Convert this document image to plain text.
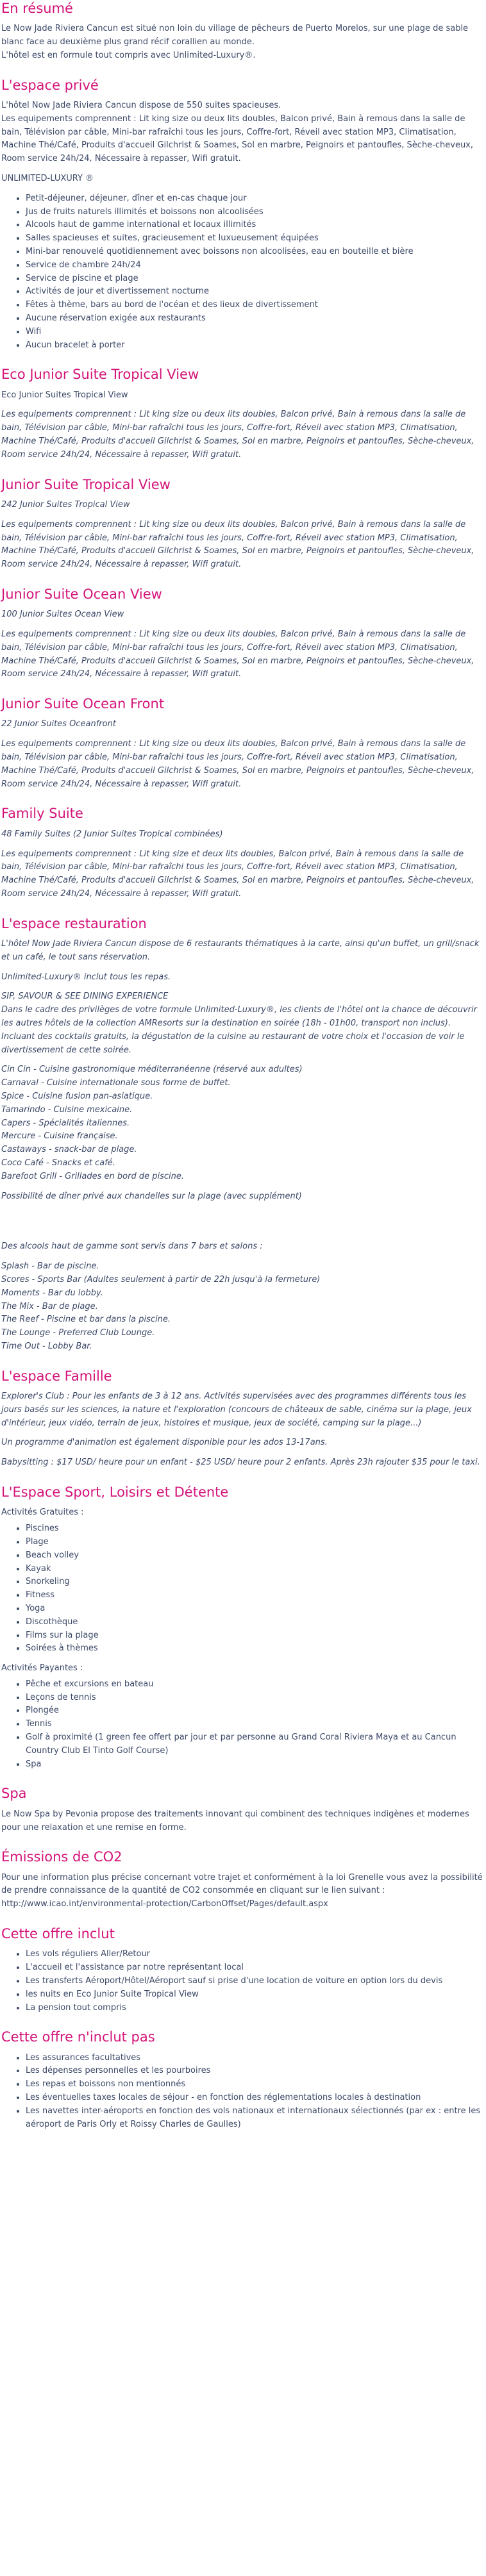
En résumé

Le Now Jade Riviera Cancun est situé non loin du village de pêcheurs de Puerto Morelos, sur une plage de sable blanc face au deuxième plus grand récif corallien au monde.

L'hôtel est en formule tout compris avec Unlimited-Luxury®.

L'espace privé

L'hôtel Now Jade Riviera Cancun dispose de 550 suites spacieuses.

Les equipements comprennent : Lit king size ou deux lits doubles, Balcon privé, Bain à remous dans la salle de bain, Télévision par câble, Mini-bar rafraîchi tous les jours, Coffre-fort, Réveil avec station MP3, Climatisation, Machine Thé/Café, Produits d'accueil Gilchrist & Soames, Sol en marbre, Peignoirs et pantoufles, Sèche-cheveux, Room service 24h/24, Nécessaire à repasser, Wifi gratuit.

UNLIMITED-LUXURY ®

• Petit-déjeuner, déjeuner, dîner et en-cas chaque jour
• Jus de fruits naturels illimités et boissons non alcoolisées
• Alcools haut de gamme international et locaux illimités
• Salles spacieuses et suites, gracieusement et luxueusement équipées
• Mini-bar renouvelé quotidiennement avec boissons non alcoolisées, eau en bouteille et bière
• Service de chambre 24h/24
• Service de piscine et plage
• Activités de jour et divertissement nocturne
• Fêtes à thème, bars au bord de l'océan et des lieux de divertissement
• Aucune réservation exigée aux restaurants
• Wifi
• Aucun bracelet à porter
Eco Junior Suite Tropical View

Eco Junior Suites Tropical View

Les equipements comprennent : Lit king size ou deux lits doubles, Balcon privé, Bain à remous dans la salle de bain, Télévision par câble, Mini-bar rafraîchi tous les jours, Coffre-fort, Réveil avec station MP3, Climatisation, Machine Thé/Café, Produits d'accueil Gilchrist & Soames, Sol en marbre, Peignoirs et pantoufles, Sèche-cheveux, Room service 24h/24, Nécessaire à repasser, Wifi gratuit.

Junior Suite Tropical View

242 Junior Suites Tropical View

Les equipements comprennent : Lit king size ou deux lits doubles, Balcon privé, Bain à remous dans la salle de bain, Télévision par câble, Mini-bar rafraîchi tous les jours, Coffre-fort, Réveil avec station MP3, Climatisation, Machine Thé/Café, Produits d'accueil Gilchrist & Soames, Sol en marbre, Peignoirs et pantoufles, Sèche-cheveux, Room service 24h/24, Nécessaire à repasser, Wifi gratuit.

Junior Suite Ocean View

100 Junior Suites Ocean View

Les equipements comprennent : Lit king size ou deux lits doubles, Balcon privé, Bain à remous dans la salle de bain, Télévision par câble, Mini-bar rafraîchi tous les jours, Coffre-fort, Réveil avec station MP3, Climatisation, Machine Thé/Café, Produits d'accueil Gilchrist & Soames, Sol en marbre, Peignoirs et pantoufles, Sèche-cheveux, Room service 24h/24, Nécessaire à repasser, Wifi gratuit.

Junior Suite Ocean Front

22 Junior Suites Oceanfront

Les equipements comprennent : Lit king size ou deux lits doubles, Balcon privé, Bain à remous dans la salle de bain, Télévision par câble, Mini-bar rafraîchi tous les jours, Coffre-fort, Réveil avec station MP3, Climatisation, Machine Thé/Café, Produits d'accueil Gilchrist & Soames, Sol en marbre, Peignoirs et pantoufles, Sèche-cheveux, Room service 24h/24, Nécessaire à repasser, Wifi gratuit.

Family Suite

48 Family Suites (2 Junior Suites Tropical combinées)

Les equipements comprennent : Lit king size et deux lits doubles, Balcon privé, Bain à remous dans la salle de bain, Télévision par câble, Mini-bar rafraîchi tous les jours, Coffre-fort, Réveil avec station MP3, Climatisation, Machine Thé/Café, Produits d'accueil Gilchrist & Soames, Sol en marbre, Peignoirs et pantoufles, Sèche-cheveux, Room service 24h/24, Nécessaire à repasser, Wifi gratuit.

L'espace restauration

L'hôtel Now Jade Riviera Cancun dispose de 6 restaurants thématiques à la carte, ainsi qu'un buffet, un grill/snack et un café, le tout sans réservation.

Unlimited-Luxury® inclut tous les repas.

SIP, SAVOUR & SEE DINING EXPERIENCE

Dans le cadre des privilèges de votre formule Unlimited-Luxury®, les clients de l'hôtel ont la chance de découvrir les autres hôtels de la collection AMResorts sur la destination en soirée (18h - 01h00, transport non inclus). Incluant des cocktails gratuits, la dégustation de la cuisine au restaurant de votre choix et l'occasion de voir le divertissement de cette soirée.

Cin Cin - Cuisine gastronomique méditerranéenne (réservé aux adultes)

Carnaval - Cuisine internationale sous forme de buffet.

Spice - Cuisine fusion pan-asiatique.

Tamarindo - Cuisine mexicaine.

Capers - Spécialités italiennes.

Mercure - Cuisine française.

Castaways - snack-bar de plage.

Coco Café - Snacks et café.

Barefoot Grill - Grillades en bord de piscine.

Possibilité de dîner privé aux chandelles sur la plage (avec supplément)

Des alcools haut de gamme sont servis dans 7 bars et salons :

Splash - Bar de piscine.

Scores - Sports Bar (Adultes seulement à partir de 22h jusqu'à la fermeture)

Moments - Bar du lobby.

The Mix - Bar de plage.

The Reef - Piscine et bar dans la piscine.

The Lounge - Preferred Club Lounge.

Time Out - Lobby Bar.

L'espace Famille

Explorer's Club : Pour les enfants de 3 à 12 ans. Activités supervisées avec des programmes différents tous les jours basés sur les sciences, la nature et l'exploration (concours de châteaux de sable, cinéma sur la plage, jeux d'intérieur, jeux vidéo, terrain de jeux, histoires et musique, jeux de société, camping sur la plage...)

Un programme d'animation est également disponible pour les ados 13-17ans.

Babysitting : $17 USD/ heure pour un enfant - $25 USD/ heure pour 2 enfants. Après 23h rajouter $35 pour le taxi.

L'Espace Sport, Loisirs et Détente

Activités Gratuites :

• Piscines
• Plage
• Beach volley
• Kayak
• Snorkeling
• Fitness
• Yoga
• Discothèque
• Films sur la plage
• Soirées à thèmes

Activités Payantes :

• Pêche et excursions en bateau
• Leçons de tennis
• Plongée
• Tennis
• Golf à proximité (1 green fee offert par jour et par personne au Grand Coral Riviera Maya et au Cancun Country Club El Tinto Golf Course)
• Spa
Spa

Le Now Spa by Pevonia propose des traitements innovant qui combinent des techniques indigènes et modernes pour une relaxation et une remise en forme.

Émissions de CO2

Pour une information plus précise concernant votre trajet et conformément à la loi Grenelle vous avez la possibilité de prendre connaissance de la quantité de CO2 consommée en cliquant sur le lien suivant : http://www.icao.int/environmental-protection/CarbonOffset/Pages/default.aspx

Cette offre inclut
• Les vols réguliers Aller/Retour
• L'accueil et l'assistance par notre représentant local
• Les transferts Aéroport/Hôtel/Aéroport sauf si prise d'une location de voiture en option lors du devis
• les nuits en Eco Junior Suite Tropical View
• La pension tout compris
Cette offre n'inclut pas
• Les assurances facultatives
• Les dépenses personnelles et les pourboires
• Les repas et boissons non mentionnés
• Les éventuelles taxes locales de séjour - en fonction des réglementations locales à destination
• Les navettes inter-aéroports en fonction des vols nationaux et internationaux sélectionnés (par ex : entre les aéroport de Paris Orly et Roissy Charles de Gaulles)
